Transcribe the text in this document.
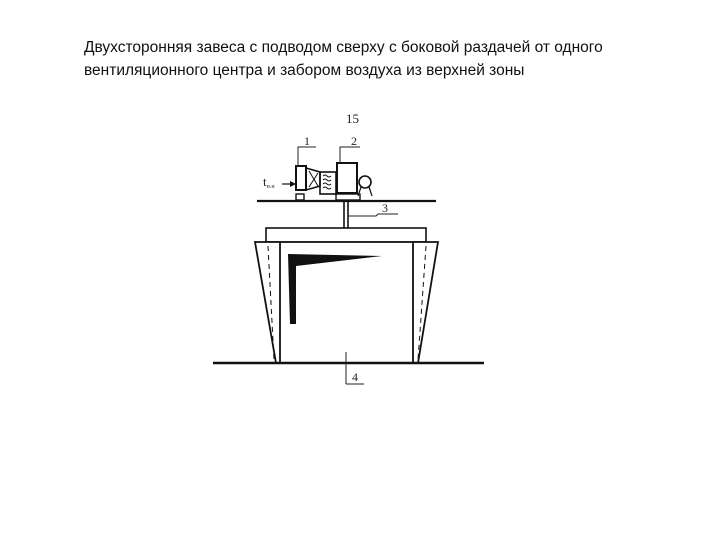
Двухсторонняя завеса с подводом сверху с боковой раздачей от одного
вентиляционного центра и забором воздуха из верхней зоны
15
tн.н
1	2
3
4
